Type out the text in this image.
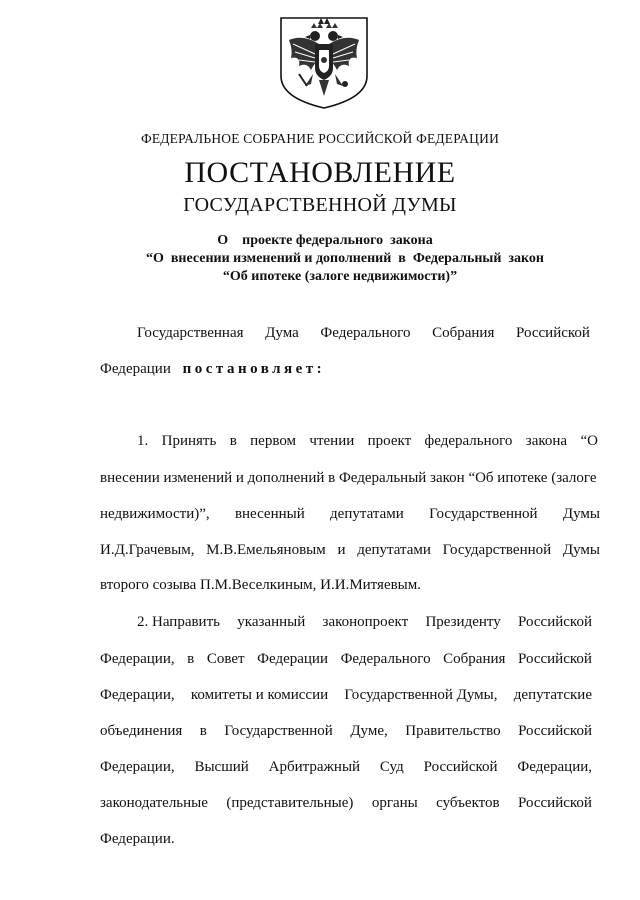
ФЕДЕРАЛЬНОЕ СОБРАНИЕ РОССИЙСКОЙ ФЕДЕРАЦИИ
ПОСТАНОВЛЕНИЕ
ГОСУДАРСТВЕННОЙ ДУМЫ
О    проекте федерального  закона
“О  внесении изменений и дополнений  в  Федеральный  закон
“Об ипотеке (залоге недвижимости)”
Государственная Дума Федерального Собрания Российской
Федерации постановляет:
1. Принять в первом чтении проект федерального закона “О
внесении изменений и дополнений в Федеральный закон “Об ипотеке (залоге
недвижимости)”, внесенный депутатами Государственной Думы
И.Д.Грачевым, М.В.Емельяновым и депутатами Государственной Думы
второго созыва П.М.Веселкиным, И.И.Митяевым.
2. Направить указанный законопроект Президенту Российской
Федерации, в Совет Федерации Федерального Собрания Российской
Федерации, комитеты и комиссии Государственной Думы, депутатские
объединения в Государственной Думе, Правительство Российской
Федерации, Высший Арбитражный Суд Российской Федерации,
законодательные (представительные) органы субъектов Российской
Федерации.
